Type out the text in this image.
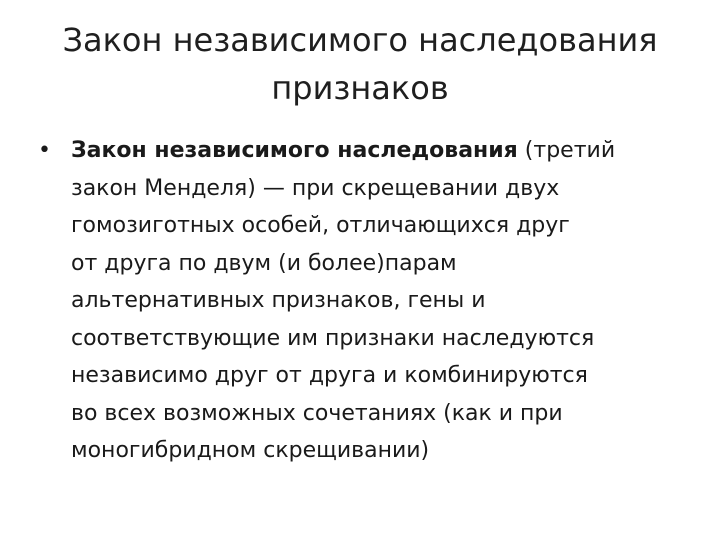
Закон независимого наследования
признаков
• Закон независимого наследования (третий
закон Менделя) — при скрещевании двух
гомозиготных особей, отличающихся друг
от друга по двум (и более)парам
альтернативных признаков, гены и
соответствующие им признаки наследуются
независимо друг от друга и комбинируются
во всех возможных сочетаниях (как и при
моногибридном скрещивании)
